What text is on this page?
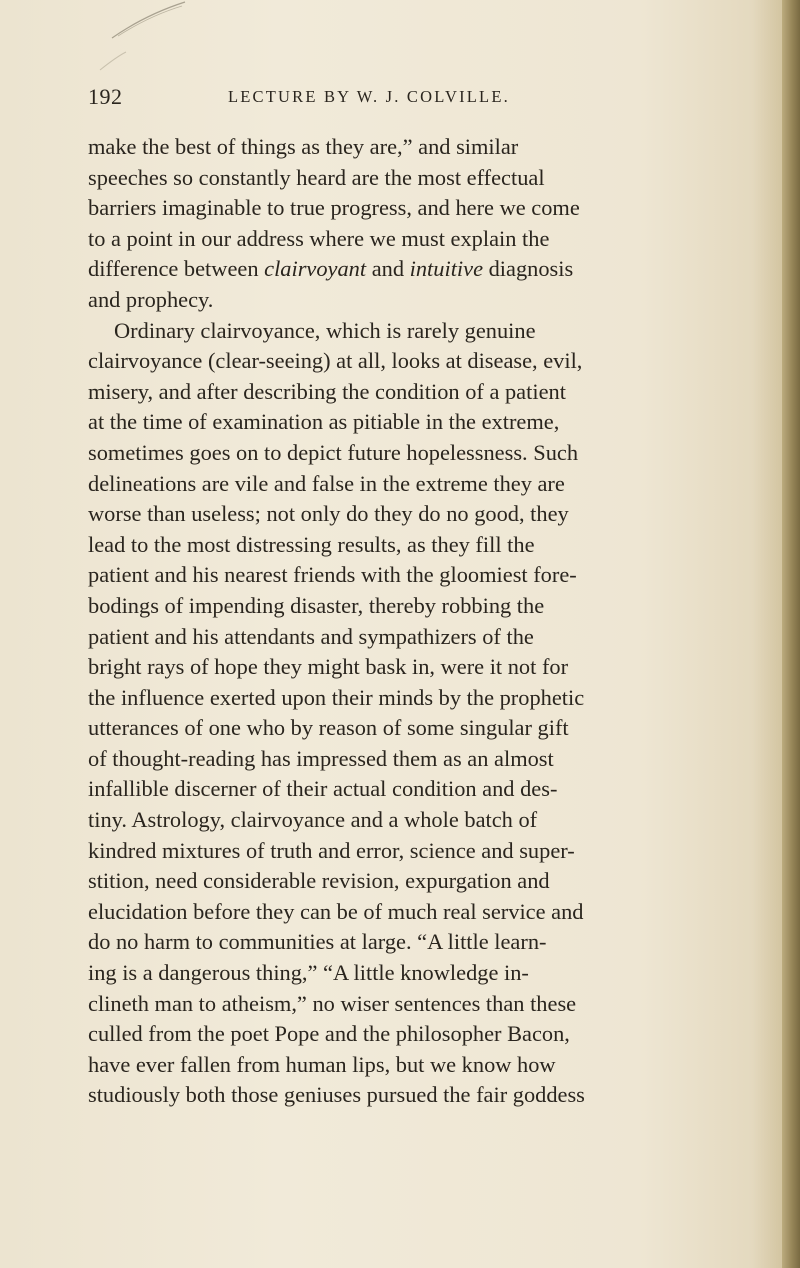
192	LECTURE BY W. J. COLVILLE.
make the best of things as they are,” and similar
speeches so constantly heard are the most effectual
barriers imaginable to true progress, and here we come
to a point in our address where we must explain the
difference between clairvoyant and intuitive diagnosis
and prophecy.
Ordinary clairvoyance, which is rarely genuine
clairvoyance (clear-seeing) at all, looks at disease, evil,
misery, and after describing the condition of a patient
at the time of examination as pitiable in the extreme,
sometimes goes on to depict future hopelessness. Such
delineations are vile and false in the extreme they are
worse than useless; not only do they do no good, they
lead to the most distressing results, as they fill the
patient and his nearest friends with the gloomiest fore-
bodings of impending disaster, thereby robbing the
patient and his attendants and sympathizers of the
bright rays of hope they might bask in, were it not for
the influence exerted upon their minds by the prophetic
utterances of one who by reason of some singular gift
of thought-reading has impressed them as an almost
infallible discerner of their actual condition and des-
tiny. Astrology, clairvoyance and a whole batch of
kindred mixtures of truth and error, science and super-
stition, need considerable revision, expurgation and
elucidation before they can be of much real service and
do no harm to communities at large. “A little learn-
ing is a dangerous thing,” “A little knowledge in-
clineth man to atheism,” no wiser sentences than these
culled from the poet Pope and the philosopher Bacon,
have ever fallen from human lips, but we know how
studiously both those geniuses pursued the fair goddess
